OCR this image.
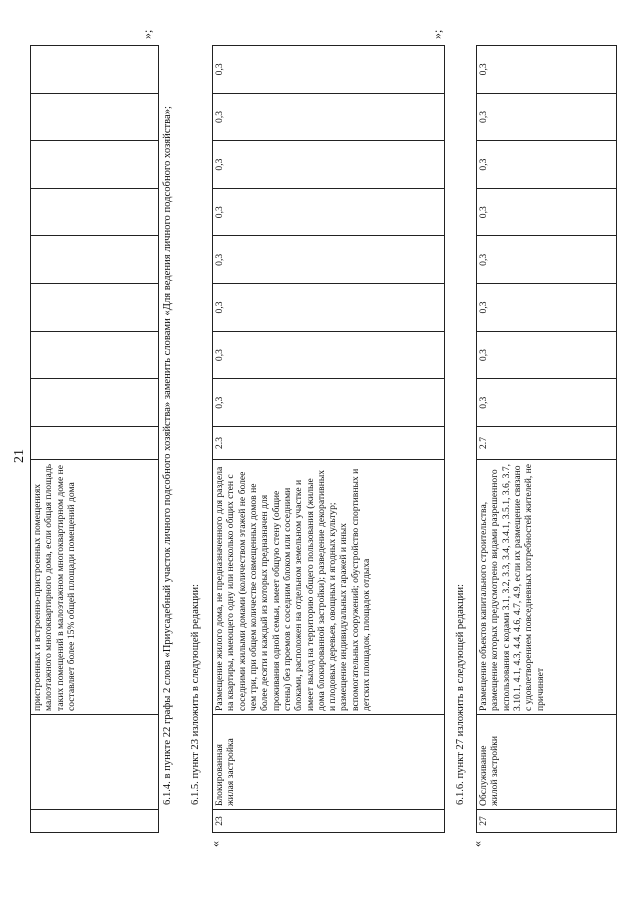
21
		пристроенных и встроенно-пристроенных помещениях малоэтажного многоквартирного дома, если общая площадь таких помещений в малоэтажном многоквартирном доме не составляет более 15% общей площади помещений дома									
»;
6.1.4. в пункте 22 графы 2 слова «Приусадебный участок личного подсобного хозяйства» заменить словами «Для ведения личного подсобного хозяйства»; 6.1.5. пункт 23 изложить в следующей редакции:
«
23	Блокированная жилая застройка	Размещение жилого дома, не предназначенного для раздела на квартиры, имеющего одну или несколько общих стен с соседними жилыми домами (количеством этажей не более чем три, при общем количестве совмещенных домов не более десяти и каждый из которых предназначен для проживания одной семьи, имеет общую стену (общие стены) без проемов с соседним блоком или соседними блоками, расположен на отдельном земельном участке и имеет выход на территорию общего пользования (жилые дома блокированной застройки); разведение декоративных и плодовых деревьев, овощных и ягодных культур; размещение индивидуальных гаражей и иных вспомогательных сооружений; обустройство спортивных и детских площадок, площадок отдыха	2.3	0,3	0,3	0,3	0,3	0,3	0,3	0,3	0,3
»;
6.1.6. пункт 27 изложить в следующей редакции:
«
27	Обслуживание жилой застройки	Размещение объектов капитального строительства, размещение которых предусмотрено видами разрешенного использования с кодами 3.1, 3.2, 3.3, 3.4, 3.4.1, 3.5.1, 3.6, 3.7, 3.10.1, 4.1, 4.3, 4.4, 4.6, 4.7, 4.9, если их размещение связано с удовлетворением повседневных потребностей жителей, не причиняет	2.7	0,3	0,3	0,3	0,3	0,3	0,3	0,3	0,3
